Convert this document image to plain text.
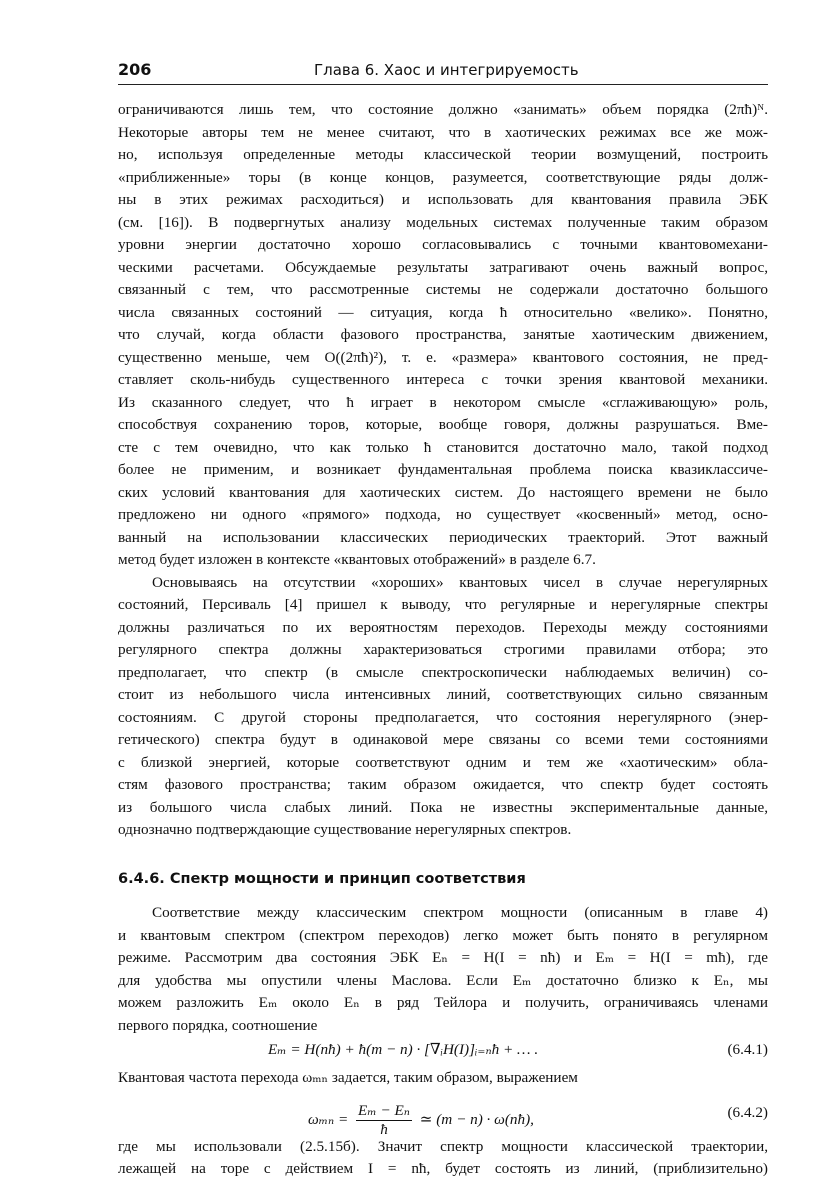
206	Глава 6. Хаос и интегрируемость
ограничиваются лишь тем, что состояние должно «занимать» объем порядка (2πħ)ᴺ.
Некоторые авторы тем не менее считают, что в хаотических режимах все же мож-
но, используя определенные методы классической теории возмущений, построить
«приближенные» торы (в конце концов, разумеется, соответствующие ряды долж-
ны в этих режимах расходиться) и использовать для квантования правила ЭБК
(см. [16]). В подвергнутых анализу модельных системах полученные таким образом
уровни энергии достаточно хорошо согласовывались с точными квантовомехани-
ческими расчетами. Обсуждаемые результаты затрагивают очень важный вопрос,
связанный с тем, что рассмотренные системы не содержали достаточно большого
числа связанных состояний — ситуация, когда ħ относительно «велико». Понятно,
что случай, когда области фазового пространства, занятые хаотическим движением,
существенно меньше, чем O((2πħ)²), т. е. «размера» квантового состояния, не пред-
ставляет сколь-нибудь существенного интереса с точки зрения квантовой механики.
Из сказанного следует, что ħ играет в некотором смысле «сглаживающую» роль,
способствуя сохранению торов, которые, вообще говоря, должны разрушаться. Вме-
сте с тем очевидно, что как только ħ становится достаточно мало, такой подход
более не применим, и возникает фундаментальная проблема поиска квазиклассиче-
ских условий квантования для хаотических систем. До настоящего времени не было
предложено ни одного «прямого» подхода, но существует «косвенный» метод, осно-
ванный на использовании классических периодических траекторий. Этот важный
метод будет изложен в контексте «квантовых отображений» в разделе 6.7.
Основываясь на отсутствии «хороших» квантовых чисел в случае нерегулярных
состояний, Персиваль [4] пришел к выводу, что регулярные и нерегулярные спектры
должны различаться по их вероятностям переходов. Переходы между состояниями
регулярного спектра должны характеризоваться строгими правилами отбора; это
предполагает, что спектр (в смысле спектроскопически наблюдаемых величин) со-
стоит из небольшого числа интенсивных линий, соответствующих сильно связанным
состояниям. С другой стороны предполагается, что состояния нерегулярного (энер-
гетического) спектра будут в одинаковой мере связаны со всеми теми состояниями
с близкой энергией, которые соответствуют одним и тем же «хаотическим» обла-
стям фазового пространства; таким образом ожидается, что спектр будет состоять
из большого числа слабых линий. Пока не известны экспериментальные данные,
однозначно подтверждающие существование нерегулярных спектров.
6.4.6. Спектр мощности и принцип соответствия
Соответствие между классическим спектром мощности (описанным в главе 4)
и квантовым спектром (спектром переходов) легко может быть понято в регулярном
режиме. Рассмотрим два состояния ЭБК Eₙ = H(I = nħ) и Eₘ = H(I = mħ), где
для удобства мы опустили члены Маслова. Если Eₘ достаточно близко к Eₙ, мы
можем разложить Eₘ около Eₙ в ряд Тейлора и получить, ограничиваясь членами
первого порядка, соотношение
Eₘ = H(nħ) + ħ(m − n) · [∇ᵢH(I)]ᵢ₌ₙħ + … .	(6.4.1)
Квантовая частота перехода ωₘₙ задается, таким образом, выражением
$\omega_{mn} = \frac{\text{Eₘ − Eₙ}}{ħ}$ ≃ (m − n) · ω(nħ),	(6.4.2)
где мы использовали (2.5.15б). Значит спектр мощности классической траектории,
лежащей на торе с действием I = nħ, будет состоять из линий, (приблизительно)
